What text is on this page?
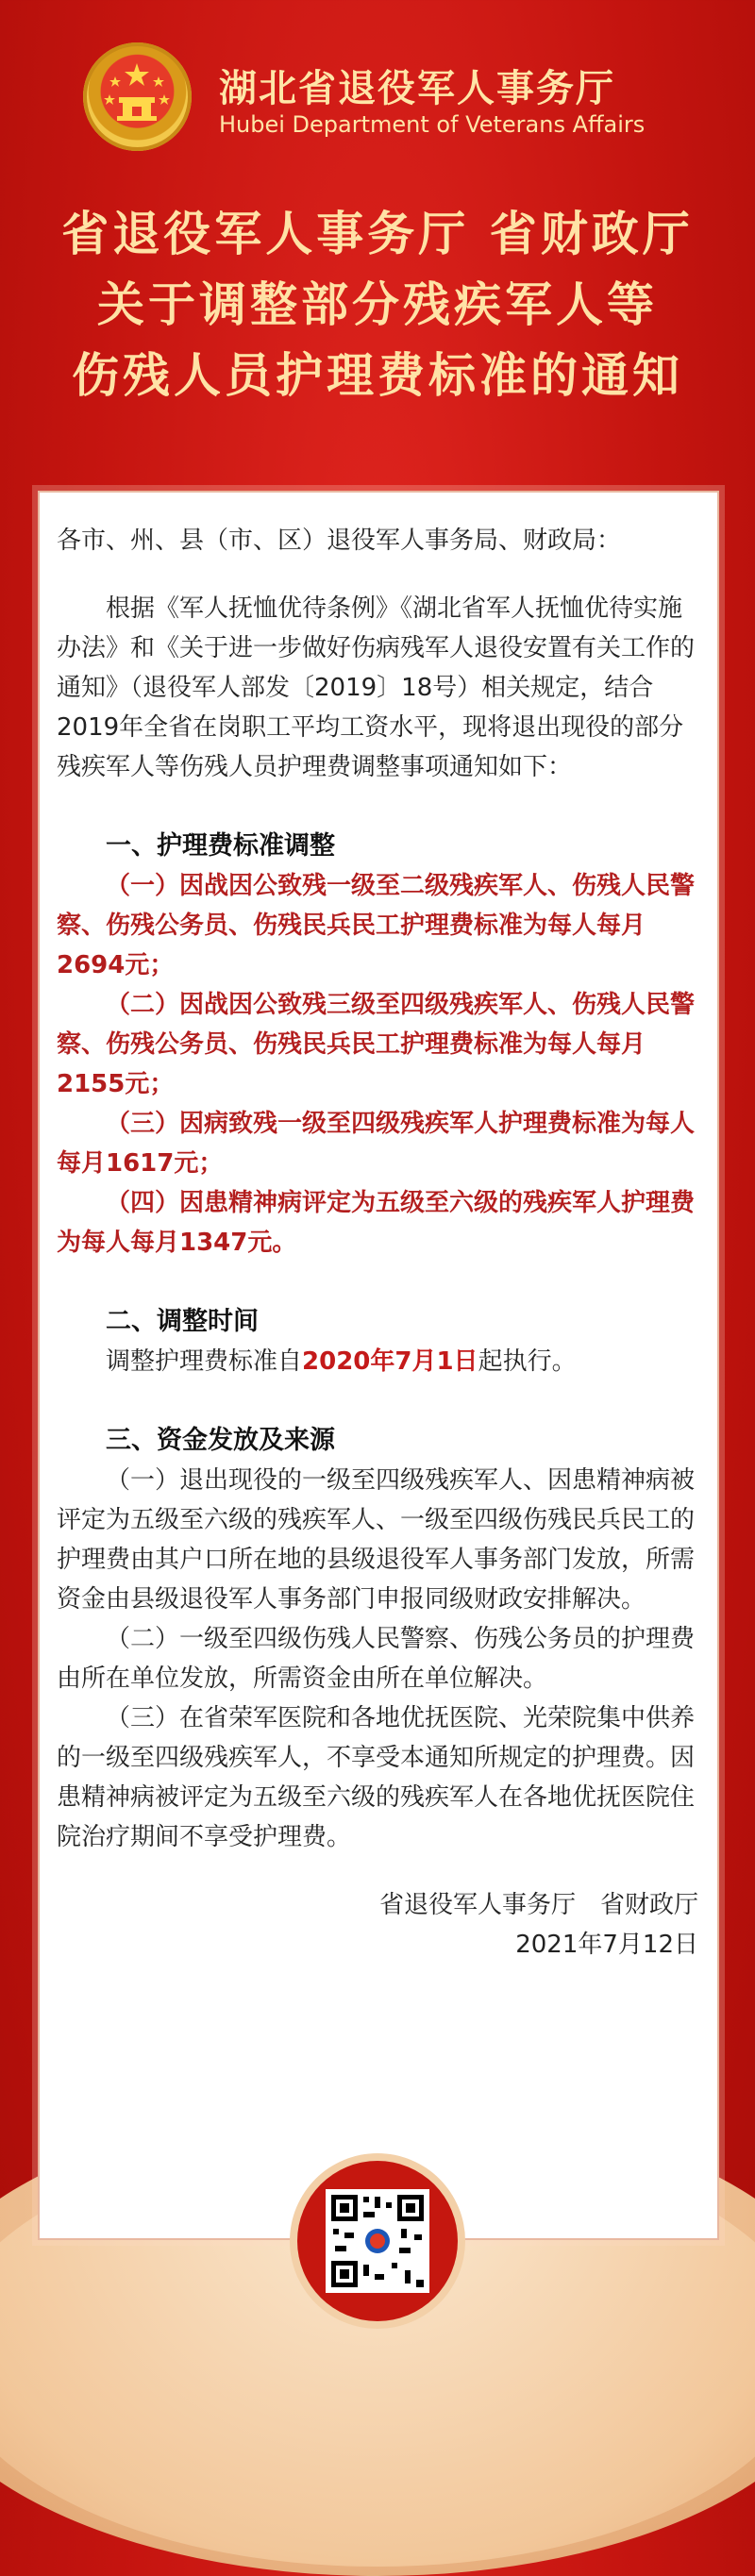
湖北省退役军人事务厅
Hubei Department of Veterans Affairs
省退役军人事务厅 省财政厅
关于调整部分残疾军人等
伤残人员护理费标准的通知

各市、州、县（市、区）退役军人事务局、财政局：

根据《军人抚恤优待条例》《湖北省军人抚恤优待实施办法》和《关于进一步做好伤病残军人退役安置有关工作的通知》（退役军人部发〔2019〕18号）相关规定，结合2019年全省在岗职工平均工资水平，现将退出现役的部分残疾军人等伤残人员护理费调整事项通知如下：

一、护理费标准调整

（一）因战因公致残一级至二级残疾军人、伤残人民警察、伤残公务员、伤残民兵民工护理费标准为每人每月2694元；

（二）因战因公致残三级至四级残疾军人、伤残人民警察、伤残公务员、伤残民兵民工护理费标准为每人每月2155元；

（三）因病致残一级至四级残疾军人护理费标准为每人每月1617元；

（四）因患精神病评定为五级至六级的残疾军人护理费为每人每月1347元。

二、调整时间

调整护理费标准自2020年7月1日起执行。

三、资金发放及来源

（一）退出现役的一级至四级残疾军人、因患精神病被评定为五级至六级的残疾军人、一级至四级伤残民兵民工的护理费由其户口所在地的县级退役军人事务部门发放，所需资金由县级退役军人事务部门申报同级财政安排解决。

（二）一级至四级伤残人民警察、伤残公务员的护理费由所在单位发放，所需资金由所在单位解决。

（三）在省荣军医院和各地优抚医院、光荣院集中供养的一级至四级残疾军人，不享受本通知所规定的护理费。因患精神病被评定为五级至六级的残疾军人在各地优抚医院住院治疗期间不享受护理费。

省退役军人事务厅　省财政厅
2021年7月12日
